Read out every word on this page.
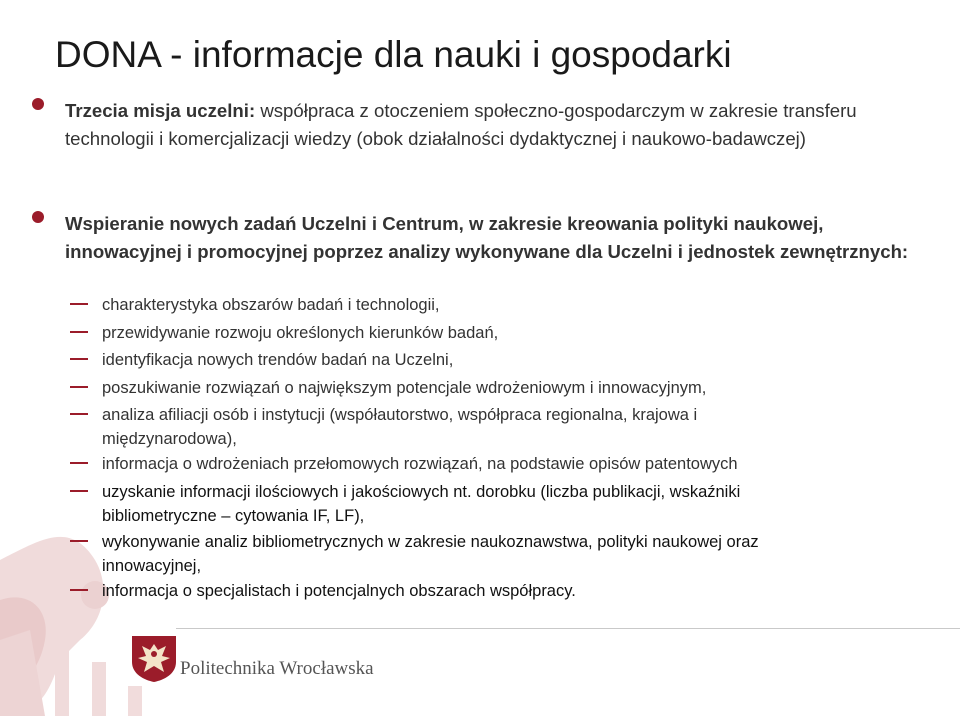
DONA - informacje dla nauki i gospodarki
Trzecia misja uczelni: współpraca z otoczeniem społeczno-gospodarczym w zakresie transferu technologii i komercjalizacji wiedzy (obok działalności dydaktycznej i naukowo-badawczej)
Wspieranie nowych zadań Uczelni i Centrum, w zakresie kreowania polityki naukowej, innowacyjnej i promocyjnej poprzez analizy wykonywane dla Uczelni i jednostek zewnętrznych:
charakterystyka obszarów badań i technologii,
przewidywanie rozwoju określonych kierunków badań,
identyfikacja nowych trendów badań na Uczelni,
poszukiwanie rozwiązań o największym potencjale wdrożeniowym i innowacyjnym,
analiza afiliacji osób i instytucji (współautorstwo, współpraca regionalna, krajowa i międzynarodowa),
informacja o wdrożeniach przełomowych rozwiązań, na podstawie opisów patentowych
uzyskanie informacji ilościowych i jakościowych nt. dorobku (liczba publikacji, wskaźniki bibliometryczne – cytowania IF, LF),
wykonywanie analiz bibliometrycznych w zakresie naukoznawstwa, polityki naukowej oraz innowacyjnej,
informacja o specjalistach i potencjalnych obszarach współpracy.
Politechnika Wrocławska
